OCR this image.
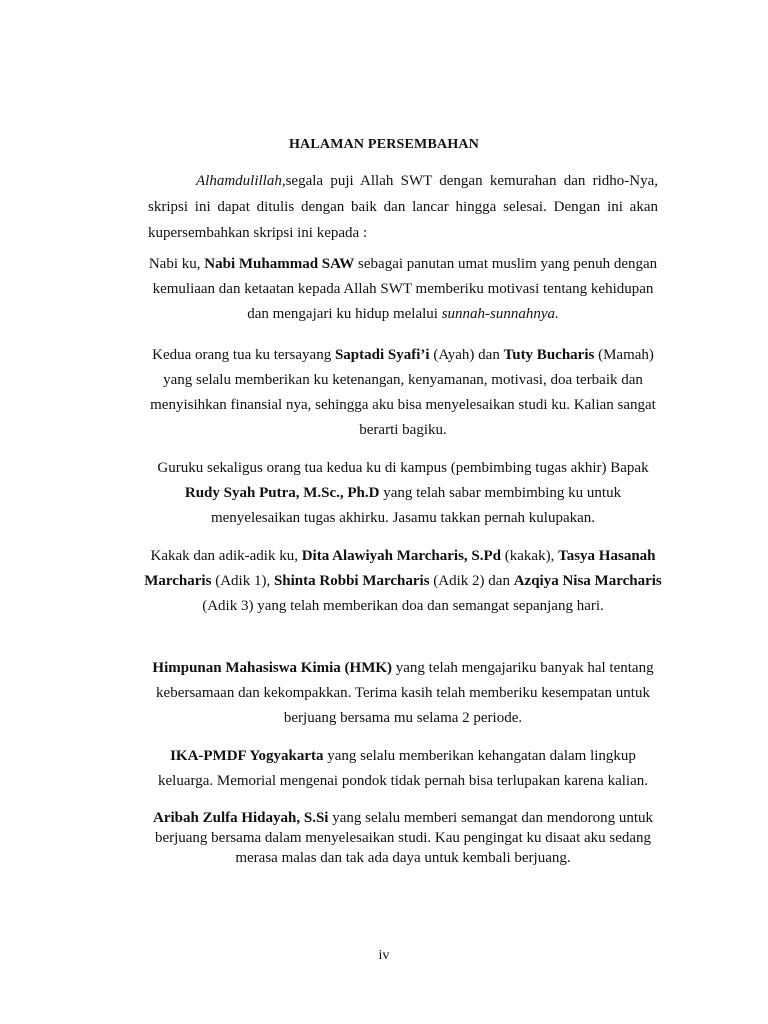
HALAMAN PERSEMBAHAN
Alhamdulillah,segala puji Allah SWT dengan kemurahan dan ridho-Nya, skripsi ini dapat ditulis dengan baik dan lancar hingga selesai. Dengan ini akan kupersembahkan skripsi ini kepada :
Nabi ku, Nabi Muhammad SAW sebagai panutan umat muslim yang penuh dengan kemuliaan dan ketaatan kepada Allah SWT memberiku motivasi tentang kehidupan dan mengajari ku hidup melalui sunnah-sunnahnya.
Kedua orang tua ku tersayang Saptadi Syafi’i (Ayah) dan Tuty Bucharis (Mamah) yang selalu memberikan ku ketenangan, kenyamanan, motivasi, doa terbaik dan menyisihkan finansial nya, sehingga aku bisa menyelesaikan studi ku. Kalian sangat berarti bagiku.
Guruku sekaligus orang tua kedua ku di kampus (pembimbing tugas akhir) Bapak Rudy Syah Putra, M.Sc., Ph.D yang telah sabar membimbing ku untuk menyelesaikan tugas akhirku. Jasamu takkan pernah kulupakan.
Kakak dan adik-adik ku, Dita Alawiyah Marcharis, S.Pd (kakak), Tasya Hasanah Marcharis (Adik 1), Shinta Robbi Marcharis (Adik 2) dan Azqiya Nisa Marcharis (Adik 3) yang telah memberikan doa dan semangat sepanjang hari.
Himpunan Mahasiswa Kimia (HMK) yang telah mengajariku banyak hal tentang kebersamaan dan kekompakkan. Terima kasih telah memberiku kesempatan untuk berjuang bersama mu selama 2 periode.
IKA-PMDF Yogyakarta yang selalu memberikan kehangatan dalam lingkup keluarga. Memorial mengenai pondok tidak pernah bisa terlupakan karena kalian.
Aribah Zulfa Hidayah, S.Si yang selalu memberi semangat dan mendorong untuk berjuang bersama dalam menyelesaikan studi. Kau pengingat ku disaat aku sedang merasa malas dan tak ada daya untuk kembali berjuang.
iv
